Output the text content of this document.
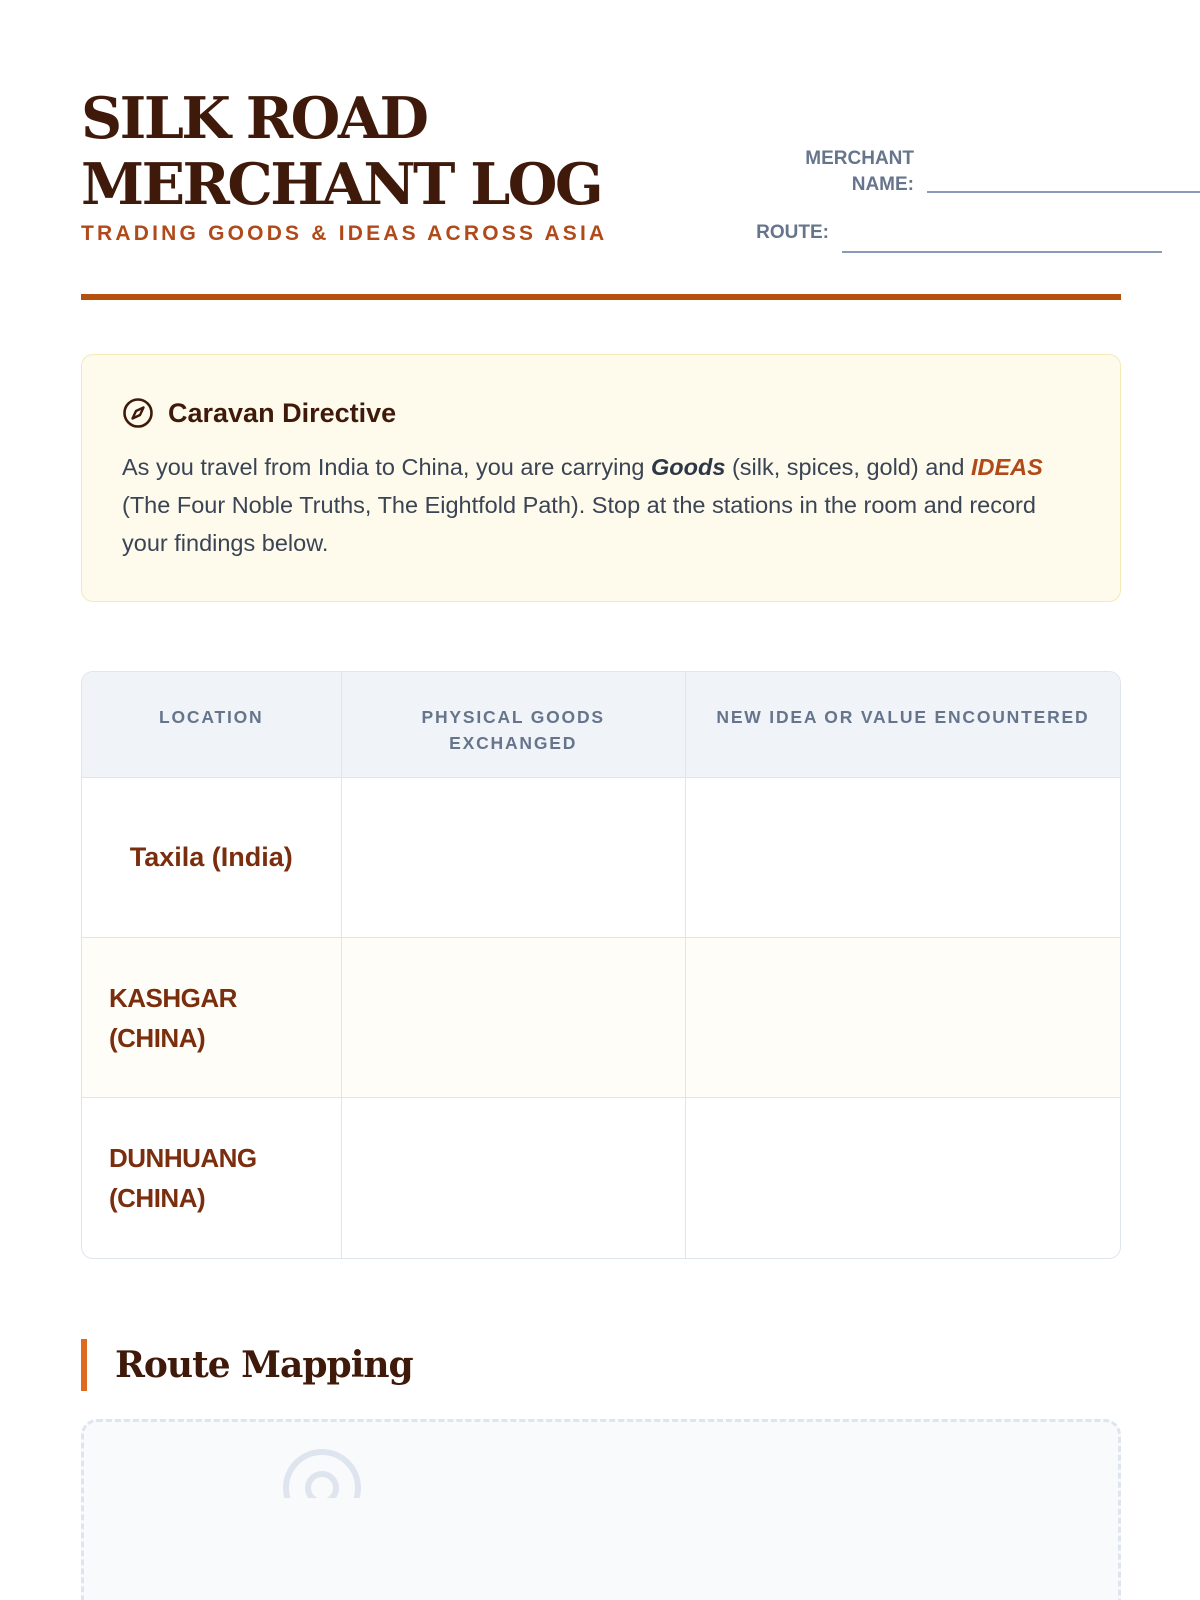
SILK ROAD
MERCHANT LOG
TRADING GOODS & IDEAS ACROSS ASIA
MERCHANT
NAME:
ROUTE:
Caravan Directive

As you travel from India to China, you are carrying Goods (silk, spices, gold) and IDEAS (The Four Noble Truths, The Eightfold Path). Stop at the stations in the room and record your findings below.

LOCATION	PHYSICAL GOODS EXCHANGED
NEW IDEA OR VALUE ENCOUNTERED
Taxila (India)
KASHGAR
(CHINA)
DUNHUANG
(CHINA)
Route Mapping
